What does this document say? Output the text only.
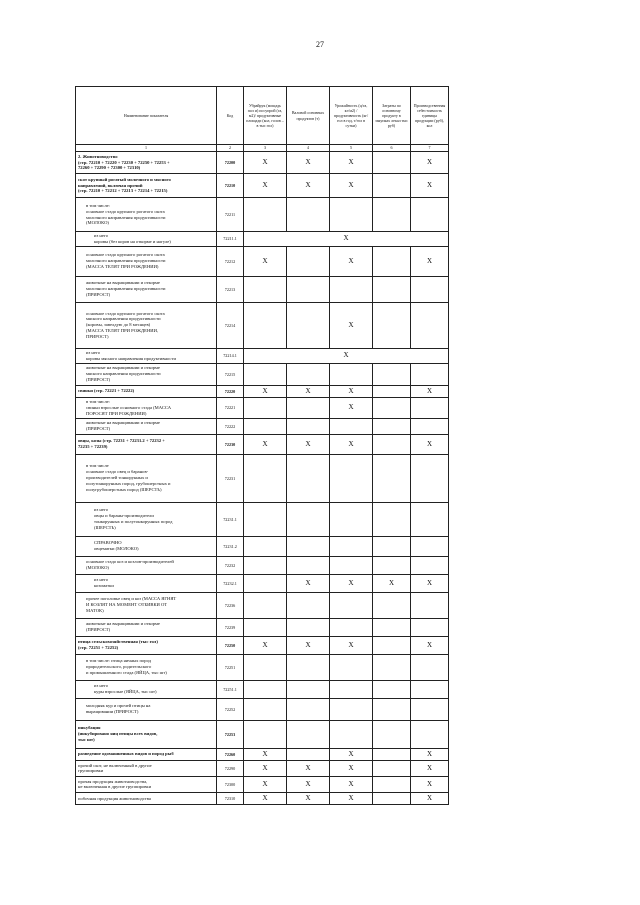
27
Наименование показателя	Код	Убрайрук (мощадь пол и) посупрой (га, м2)/ продуктивные площади (кол, голов – в тыс гол)	Валовой основных продуктов (т)	Урожайность (ц/га, кг/м2) / продуктивность (кг/гол в год, т/гол в сутки)	Затраты по основному продукту в закупках лекал тыс руб)	Производственная себестоимость единицы продукции (руб), кол
1	2	3	4	5	6	7

2. Животноводство
(стр. 72210 + 72220 + 72230 + 72250 + 72253 +
72260 + 72290 + 72300 + 72310)	72200	X	X	X		X

скот крупный рогатый молочного и мясного
направлений, включая прочий
(стр. 72210 + 72212 + 72213 + 72214 + 72215)	72210	X	X	X		X

в том числе:
основное стадо крупного рогатого скота
молочного направления продуктивности
(МОЛОКО)	72211					

из него
коровы (без коров на откорме и нагуле)	72211.1	X				

основное стадо крупного рогатого скота
молочного направления продуктивности
(МАССА ТЕЛЯТ ПРИ РОЖДЕНИИ)	72212	X		X		X

животные на выращивании и откорме
молочного направления продуктивности
(ПРИРОСТ)	72213					

основное стадо крупного рогатого скота
мясного направления продуктивности
(коровы, завелдую до 8 месяцев)
(МАССА ТЕЛЯТ ПРИ РОЖДЕНИИ,
ПРИРОСТ)	72214			X		

из него
коровы мясного направления продуктивности	72214.1	X				

животные на выращивании и откорме
мясного направления продуктивности
(ПРИРОСТ)	72215					

свиньи (стр. 72221 + 72222)	72220	X	X	X		X

в том числе:
свиньи взрослые основного стада (МАССА
ПОРОСЯТ ПРИ РОЖДЕНИИ)	72221			X		

животные на выращивании и откорме
(ПРИРОСТ)	72222					

овцы, козы (стр. 72231 + 72231.2 + 72232 +
72235 + 72239)	72230	X	X	X		X

в том числе
основное стадо овец и баранов-
производителей тонкорунных и
полутонкорунных пород, грубошерстных и
полугрубошерстных пород (ШЕРСТЬ)	72231					

из него
овцы и бараны-производители
тонкорунных и полутонкорунных пород
(ШЕРСТЬ)	72231.1					

СПРАВОЧНО
овцематки (МОЛОКО)	72231.2					

основное стадо коз и козлов-производителей
(МОЛОКО)	72232					

из него
козоматки	72232.1		X	X	X	X

прочее поголовье овец и коз (МАССА ЯГНЯТ
И КОЗЛЯТ НА МОМЕНТ ОТБИВКИ ОТ
МАТОК)	72236					

животные на выращивании и откорме
(ПРИРОСТ)	72239					

птица сельскохозяйственная (тыс гол)
(стр. 72251 + 72252)	72250	X	X	X		X

в том числе: птица яичных пород
прародительского, родительского
и промышленного стада (ЯЙЦА, тыс шт)	72251					

из него
куры взрослые (ЯЙЦА, тыс шт)	72251.1					

молодняк кур и прочей птицы на
выращивании (ПРИРОСТ)	72252					

инкубация
(инкубировано яиц птицы всех видов,
тыс шт)	72253					

разведение одомашненных видов и пород рыб	72260	X		X		X

прочий скот, не включенный в другие
группировки	72290	X	X	X		X

прочая продукция животноводства,
не включенная в другие группировки	72300	X	X	X		X

побочная продукция животноводства	72310	X	X	X		X
